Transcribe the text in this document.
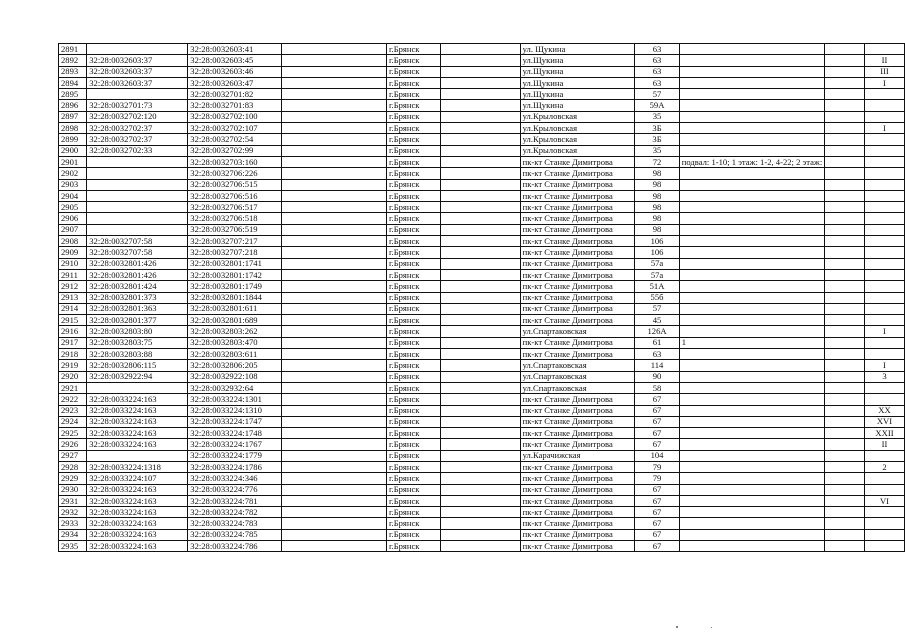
2891		32:28:0032603:41		г.Брянск		ул. Щукина	63			
2892	32:28:0032603:37	32:28:0032603:45		г.Брянск		ул.Щукина	63			II
2893	32:28:0032603:37	32:28:0032603:46		г.Брянск		ул.Щукина	63			III
2894	32:28:0032603:37	32:28:0032603:47		г.Брянск		ул.Щукина	63			I
2895		32:28:0032701:82		г.Брянск		ул.Щукина	57			
2896	32:28:0032701:73	32:28:0032701:83		г.Брянск		ул.Щукина	59А			
2897	32:28:0032702:120	32:28:0032702:100		г.Брянск		ул.Крыловская	35			
2898	32:28:0032702:37	32:28:0032702:107		г.Брянск		ул.Крыловская	3Б			I
2899	32:28:0032702:37	32:28:0032702:54		г.Брянск		ул.Крыловская	3Б			
2900	32:28:0032702:33	32:28:0032702:99		г.Брянск		ул.Крыловская	35			
2901		32:28:0032703:160		г.Брянск		пк-кт Станке Димитрова	72	подвал: 1-10; 1 этаж: 1-2, 4-22; 2 этаж:		
2902		32:28:0032706:226		г.Брянск		пк-кт Станке Димитрова	98			
2903		32:28:0032706:515		г.Брянск		пк-кт Станке Димитрова	98			
2904		32:28:0032706:516		г.Брянск		пк-кт Станке Димитрова	98			
2905		32:28:0032706:517		г.Брянск		пк-кт Станке Димитрова	98			
2906		32:28:0032706:518		г.Брянск		пк-кт Станке Димитрова	98			
2907		32:28:0032706:519		г.Брянск		пк-кт Станке Димитрова	98			
2908	32:28:0032707:58	32:28:0032707:217		г.Брянск		пк-кт Станке Димитрова	106			
2909	32:28:0032707:58	32:28:0032707:218		г.Брянск		пк-кт Станке Димитрова	106			
2910	32:28:0032801:426	32:28:0032801:1741		г.Брянск		пк-кт Станке Димитрова	57а			
2911	32:28:0032801:426	32:28:0032801:1742		г.Брянск		пк-кт Станке Димитрова	57а			
2912	32:28:0032801:424	32:28:0032801:1749		г.Брянск		пк-кт Станке Димитрова	51А			
2913	32:28:0032801:373	32:28:0032801:1844		г.Брянск		пк-кт Станке Димитрова	55б			
2914	32:28:0032801:363	32:28:0032801:611		г.Брянск		пк-кт Станке Димитрова	57			
2915	32:28:0032801:377	32:28:0032801:689		г.Брянск		пк-кт Станке Димитрова	45			
2916	32:28:0032803:80	32:28:0032803:262		г.Брянск		ул.Спартаковская	126А			I
2917	32:28:0032803:75	32:28:0032803:470		г.Брянск		пк-кт Станке Димитрова	61	1		
2918	32:28:0032803:88	32:28:0032803:611		г.Брянск		пк-кт Станке Димитрова	63			
2919	32:28:0032806:115	32:28:0032806:205		г.Брянск		ул.Спартаковская	114			I
2920	32:28:0032922:94	32:28:0032922:108		г.Брянск		ул.Спартаковская	90			3
2921		32:28:0032932:64		г.Брянск		ул.Спартаковская	58			
2922	32:28:0033224:163	32:28:0033224:1301		г.Брянск		пк-кт Станке Димитрова	67			
2923	32:28:0033224:163	32:28:0033224:1310		г.Брянск		пк-кт Станке Димитрова	67			XX
2924	32:28:0033224:163	32:28:0033224:1747		г.Брянск		пк-кт Станке Димитрова	67			XVI
2925	32:28:0033224:163	32:28:0033224:1748		г.Брянск		пк-кт Станке Димитрова	67			XXII
2926	32:28:0033224:163	32:28:0033224:1767		г.Брянск		пк-кт Станке Димитрова	67			II
2927		32:28:0033224:1779		г.Брянск		ул.Карачижская	104			
2928	32:28:0033224:1318	32:28:0033224:1786		г.Брянск		пк-кт Станке Димитрова	79			2
2929	32:28:0033224:107	32:28:0033224:346		г.Брянск		пк-кт Станке Димитрова	79			
2930	32:28:0033224:163	32:28:0033224:776		г.Брянск		пк-кт Станке Димитрова	67			
2931	32:28:0033224:163	32:28:0033224:781		г.Брянск		пк-кт Станке Димитрова	67			VI
2932	32:28:0033224:163	32:28:0033224:782		г.Брянск		пк-кт Станке Димитрова	67			
2933	32:28:0033224:163	32:28:0033224:783		г.Брянск		пк-кт Станке Димитрова	67			
2934	32:28:0033224:163	32:28:0033224:785		г.Брянск		пк-кт Станке Димитрова	67			
2935	32:28:0033224:163	32:28:0033224:786		г.Брянск		пк-кт Станке Димитрова	67			
